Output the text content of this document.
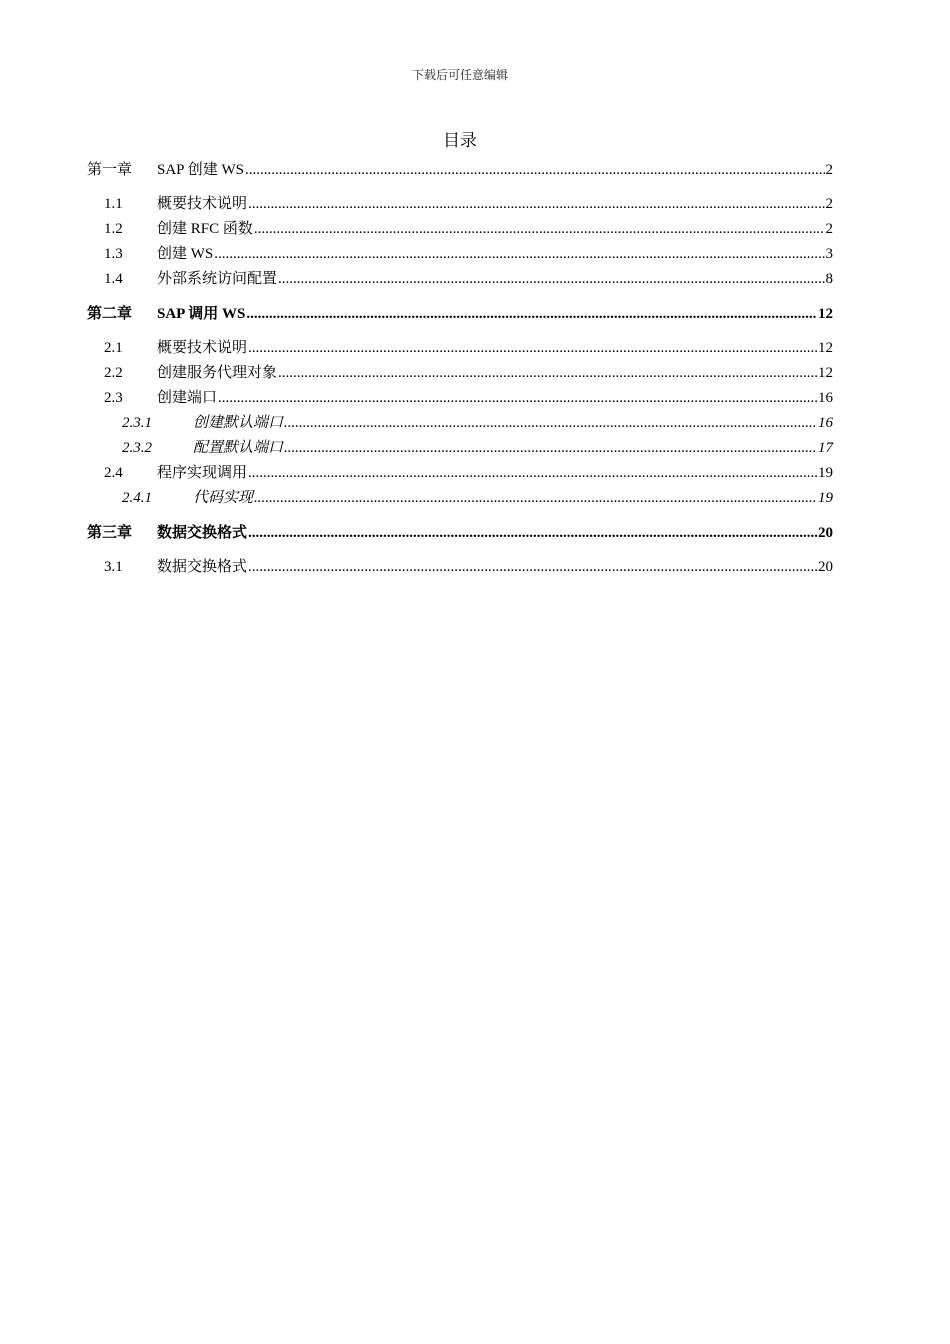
下载后可任意编辑
目录
第一章	SAP 创建 WS .....	2
1.1	概要技术说明 .....	2
1.2	创建 RFC 函数 .....	2
1.3	创建 WS .....	3
1.4	外部系统访问配置 .....	8
第二章	SAP 调用 WS .....	12
2.1	概要技术说明 .....	12
2.2	创建服务代理对象 .....	12
2.3	创建端口 .....	16
2.3.1	创建默认端口 .....	16
2.3.2	配置默认端口 .....	17
2.4	程序实现调用 .....	19
2.4.1	代码实现 .....	19
第三章	数据交换格式 .....	20
3.1	数据交换格式 .....	20
